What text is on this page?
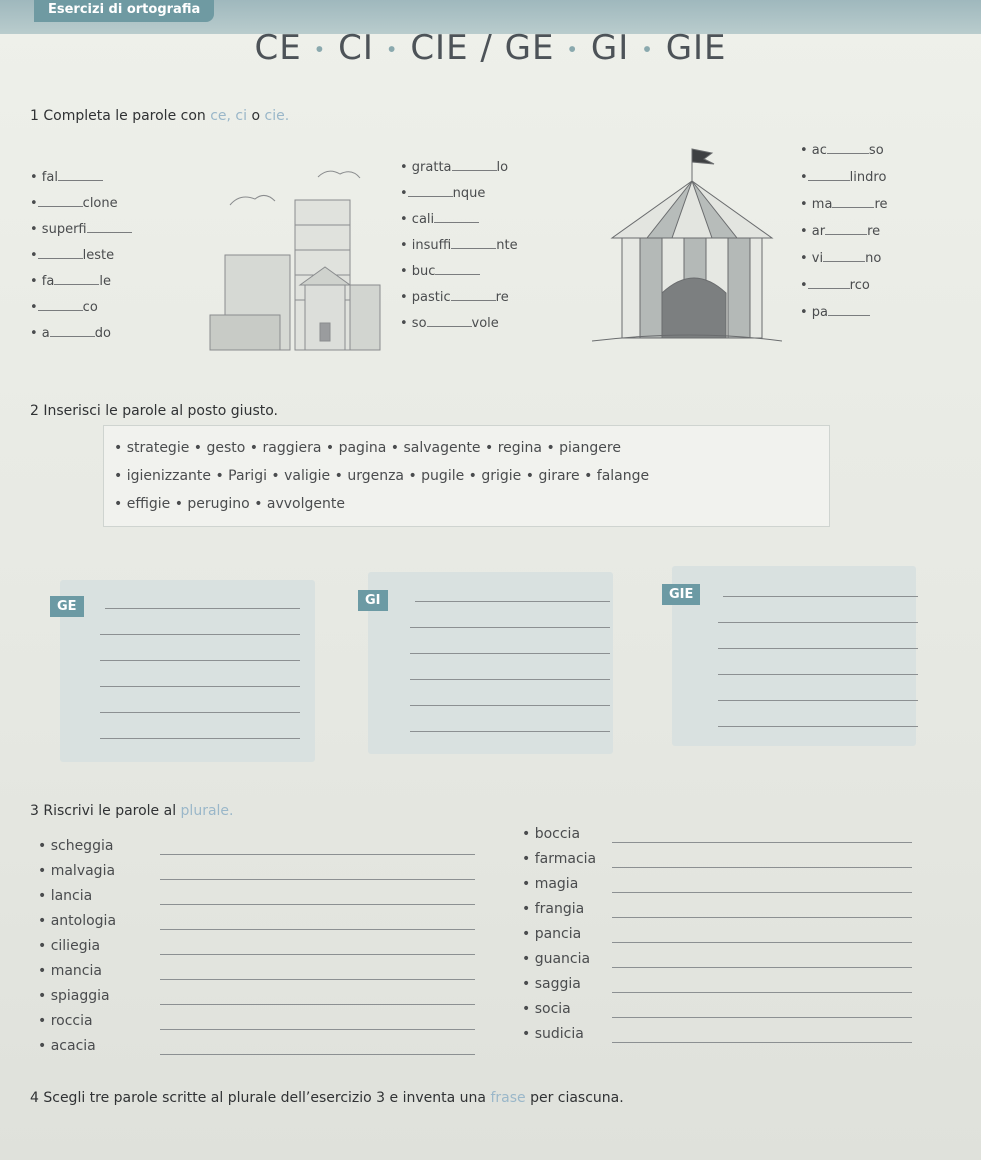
Esercizi di ortografia
CE • CI • CIE / GE • GI • GIE
1 Completa le parole con ce, ci o cie.
• fal
•	clone
• superfi
•	leste
• fa	le
•	co
• a	do
• gratta	lo
•	nque
• cali
• insuffi	nte
• buc
• pastic	re
• so	vole
• ac	so
•	lindro
• ma	re
• ar	re
• vi	no
•	rco
• pa
2 Inserisci le parole al posto giusto.
• strategie • gesto • raggiera • pagina • salvagente • regina • piangere
• igienizzante • Parigi • valigie • urgenza • pugile • grigie • girare • falange
• effigie • perugino • avvolgente
GE	GI	GIE
3 Riscrivi le parole al plurale.
• scheggia
• malvagia
• lancia
• antologia
• ciliegia
• mancia
• spiaggia
• roccia
• acacia
• boccia
• farmacia
• magia
• frangia
• pancia
• guancia
• saggia
• socia
• sudicia
4 Scegli tre parole scritte al plurale dell’esercizio 3 e inventa una frase per ciascuna.
